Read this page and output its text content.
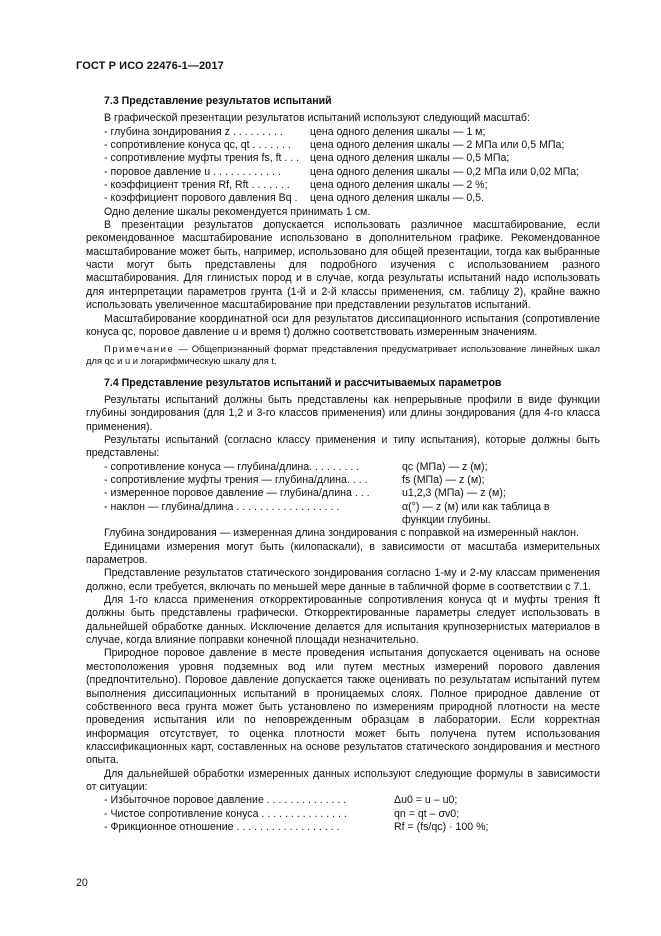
ГОСТ Р ИСО 22476-1—2017
7.3 Представление результатов испытаний
В графической презентации результатов испытаний используют следующий масштаб:
- глубина зондирования z . . . . . . . . .	цена одного деления шкалы — 1 м;
- сопротивление конуса qc, qt . . . . . . . цена одного деления шкалы — 2 МПа или 0,5 МПа;
- сопротивление муфты трения fs, ft . . . цена одного деления шкалы — 0,5 МПа;
- поровое давление u . . . . . . . . . . . .	цена одного деления шкалы — 0,2 МПа или 0,02 МПа;
- коэффициент трения Rf, Rft . . . . . . . цена одного деления шкалы — 2 %;
- коэффициент порового давления Bq . цена одного деления шкалы — 0,5.
Одно деление шкалы рекомендуется принимать 1 см.
В презентации результатов допускается использовать различное масштабирование, если рекомендованное масштабирование использовано в дополнительном графике. Рекомендованное масштабирование может быть, например, использовано для общей презентации, тогда как выбранные части могут быть представлены для подробного изучения с использованием разного масштабирования. Для глинистых пород и в случае, когда результаты испытаний надо использовать для интерпретации параметров грунта (1-й и 2-й классы применения, см. таблицу 2), крайне важно использовать увеличенное масштабирование при представлении результатов испытаний.
Масштабирование координатной оси для результатов диссипационного испытания (сопротивление конуса qc, поровое давление u и время t) должно соответствовать измеренным значениям.
Примечание — Общепризнанный формат представления предусматривает использование линейных шкал для qc и u и логарифмическую шкалу для t.
7.4 Представление результатов испытаний и рассчитываемых параметров
Результаты испытаний должны быть представлены как непрерывные профили в виде функции глубины зондирования (для 1,2 и 3-го классов применения) или длины зондирования (для 4-го класса применения).
Результаты испытаний (согласно классу применения и типу испытания), которые должны быть представлены:
- сопротивление конуса — глубина/длина. . . . . . . . .	qc (МПа) — z (м);
- сопротивление муфты трения — глубина/длина. . . .	fs (МПа) — z (м);
- измеренное поровое давление — глубина/длина . . .	u1,2,3 (МПа) — z (м);
- наклон — глубина/длина . . . . . . . . . . . . . . . . . .	α(°) — z (м) или как таблица в функции глубины.
Глубина зондирования — измеренная длина зондирования с поправкой на измеренный наклон.
Единицами измерения могут быть (килопаскали), в зависимости от масштаба измерительных параметров.
Представление результатов статического зондирования согласно 1-му и 2-му классам применения должно, если требуется, включать по меньшей мере данные в табличной форме в соответствии с 7.1.
Для 1-го класса применения откорректированные сопротивления конуса qt и муфты трения ft должны быть представлены графически. Откорректированные параметры следует использовать в дальнейшей обработке данных. Исключение делается для испытания крупнозернистых материалов в случае, когда влияние поправки конечной площади незначительно.
Природное поровое давление в месте проведения испытания допускается оценивать на основе местоположения уровня подземных вод или путем местных измерений порового давления (предпочтительно). Поровое давление допускается также оценивать по результатам испытаний путем выполнения диссипационных испытаний в проницаемых слоях. Полное природное давление от собственного веса грунта может быть установлено по измерениям природной плотности на месте проведения испытания или по неповрежденным образцам в лаборатории. Если корректная информация отсутствует, то оценка плотности может быть получена путем использования классификационных карт, составленных на основе результатов статического зондирования и местного опыта.
Для дальнейшей обработки измеренных данных используют следующие формулы в зависимости от ситуации:
- Избыточное поровое давление . . . . . . . . . . . . . .	Δu0 = u – u0;
- Чистое сопротивление конуса . . . . . . . . . . . . . . .	qn = qt – σv0;
- Фрикционное отношение . . . . . . . . . . . . . . . . . .	Rf = (fs/qc) · 100 %;
20
